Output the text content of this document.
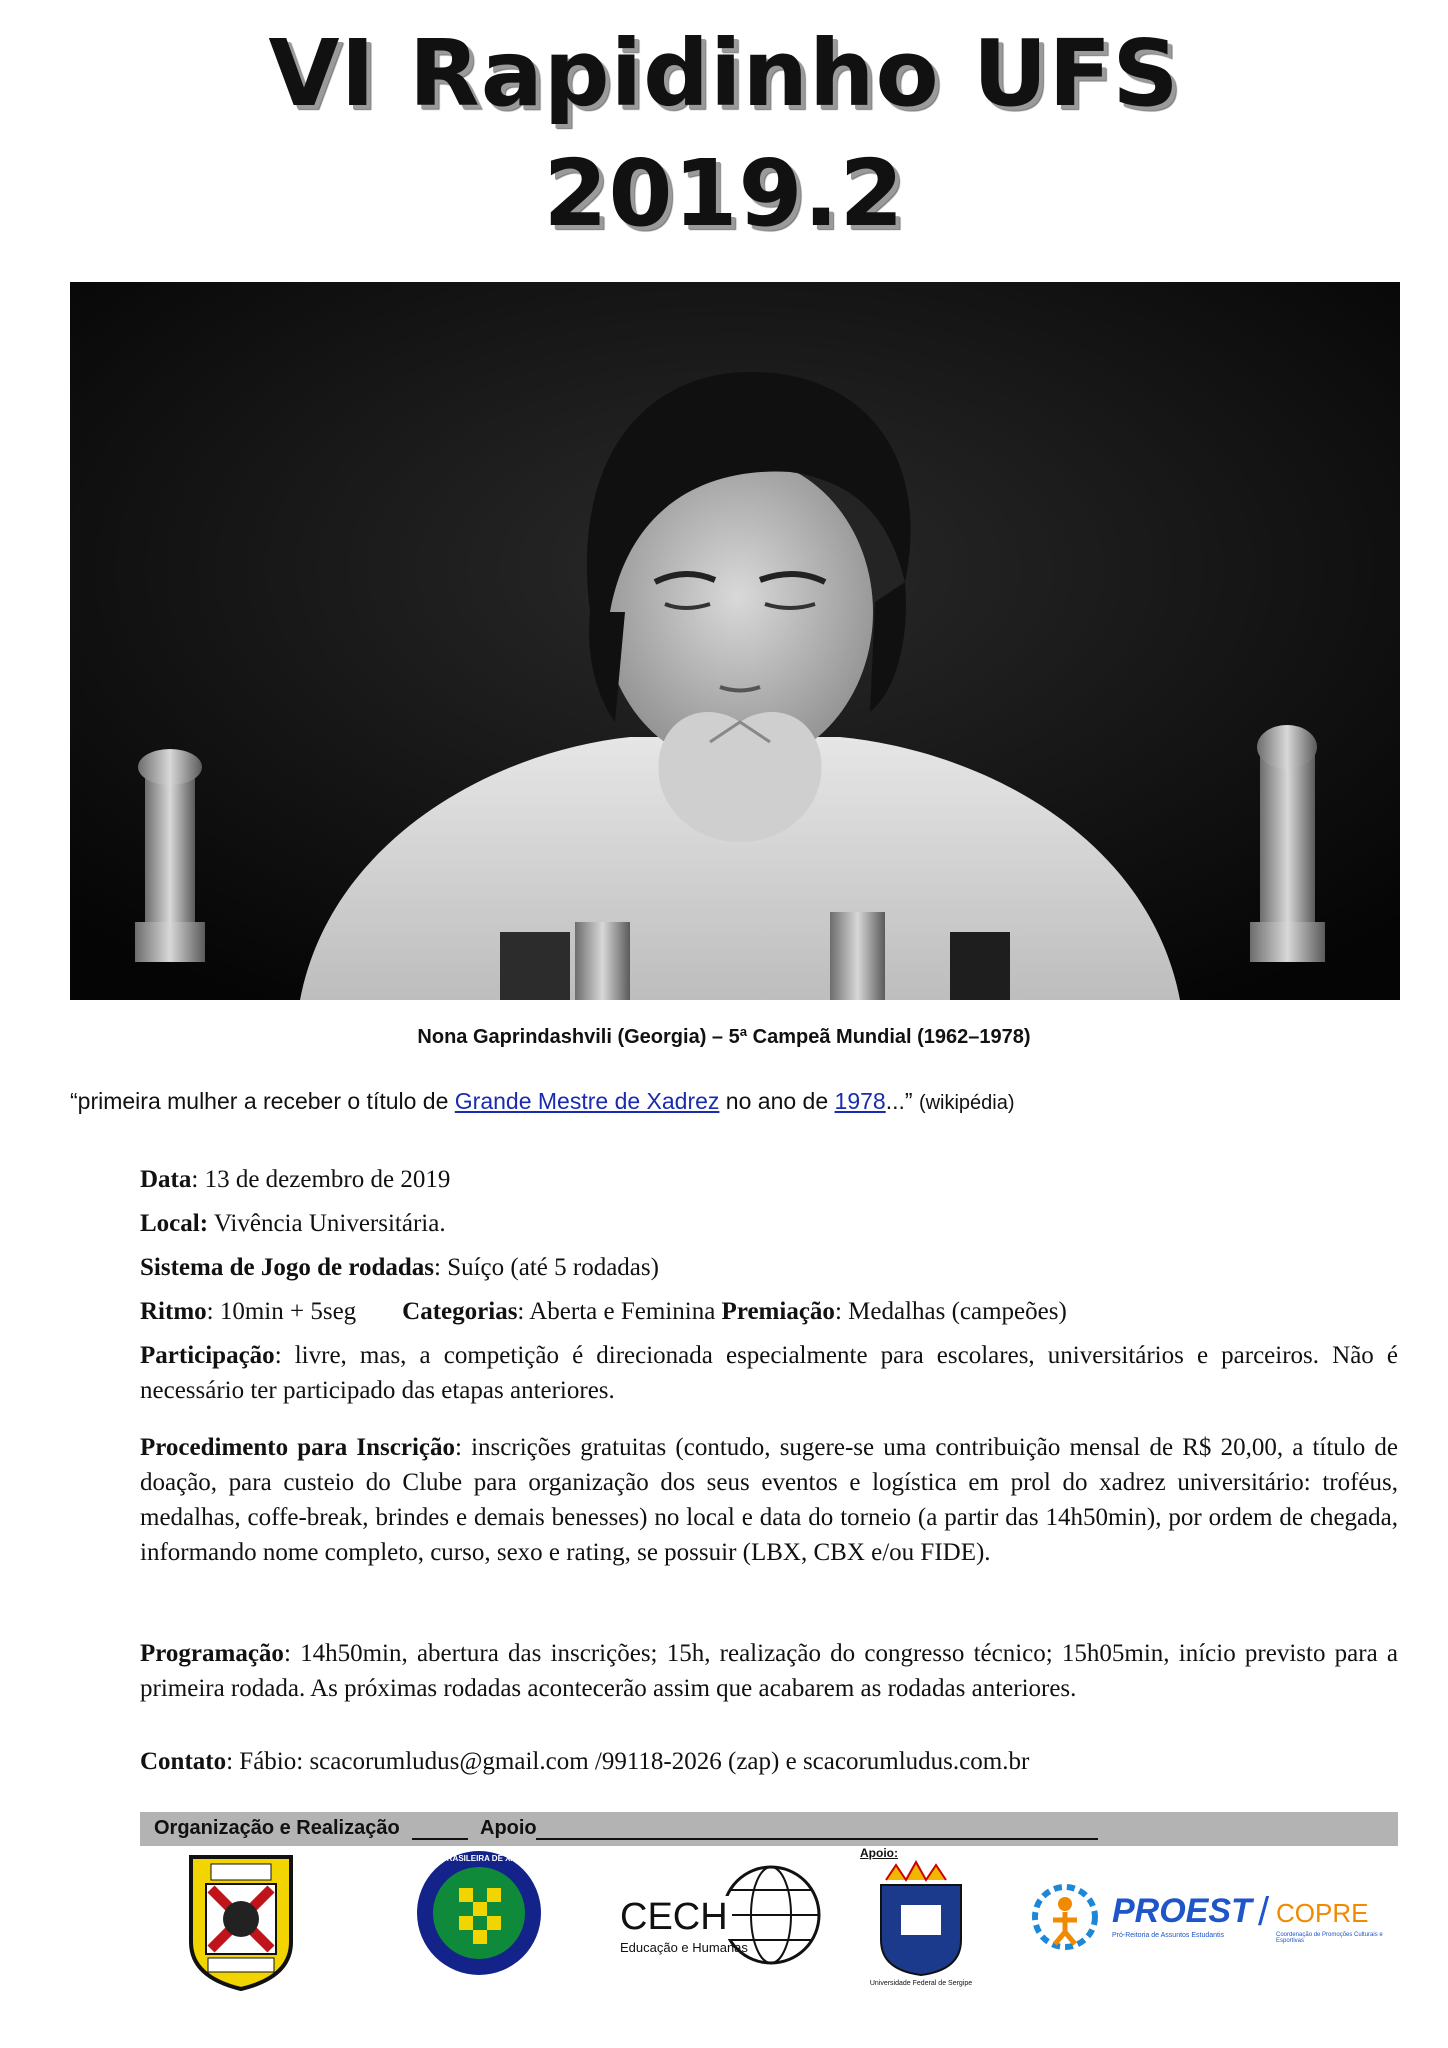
VI Rapidinho UFS
2019.2
Nona Gaprindashvili (Georgia) – 5ª Campeã Mundial (1962–1978)
“primeira mulher a receber o título de Grande Mestre de Xadrez no ano de 1978...” (wikipédia)
Data: 13 de dezembro de 2019
Local: Vivência Universitária.
Sistema de Jogo de rodadas: Suíço (até 5 rodadas)
Ritmo: 10min + 5seg Categorias: Aberta e Feminina Premiação: Medalhas (campeões)
Participação: livre, mas, a competição é direcionada especialmente para escolares, universitários e parceiros. Não é necessário ter participado das etapas anteriores.
Procedimento para Inscrição: inscrições gratuitas (contudo, sugere-se uma contribuição mensal de R$ 20,00, a título de doação, para custeio do Clube para organização dos seus eventos e logística em prol do xadrez universitário: troféus, medalhas, coffe-break, brindes e demais benesses) no local e data do torneio (a partir das 14h50min), por ordem de chegada, informando nome completo, curso, sexo e rating, se possuir (LBX, CBX e/ou FIDE).
Programação: 14h50min, abertura das inscrições; 15h, realização do congresso técnico; 15h05min, início previsto para a primeira rodada. As próximas rodadas acontecerão assim que acabarem as rodadas anteriores.
Contato: Fábio: scacorumludus@gmail.com /99118-2026 (zap) e scacorumludus.com.br
Organização e Realização	Apoio
LIGA BRASILEIRA DE XADREZ
CECH
Educação e Humanas
Apoio:
Universidade Federal de Sergipe
PROEST
Pró-Reitoria de Assuntos Estudantis
/ COPRE
Coordenação de Promoções Culturais e Esportivas
